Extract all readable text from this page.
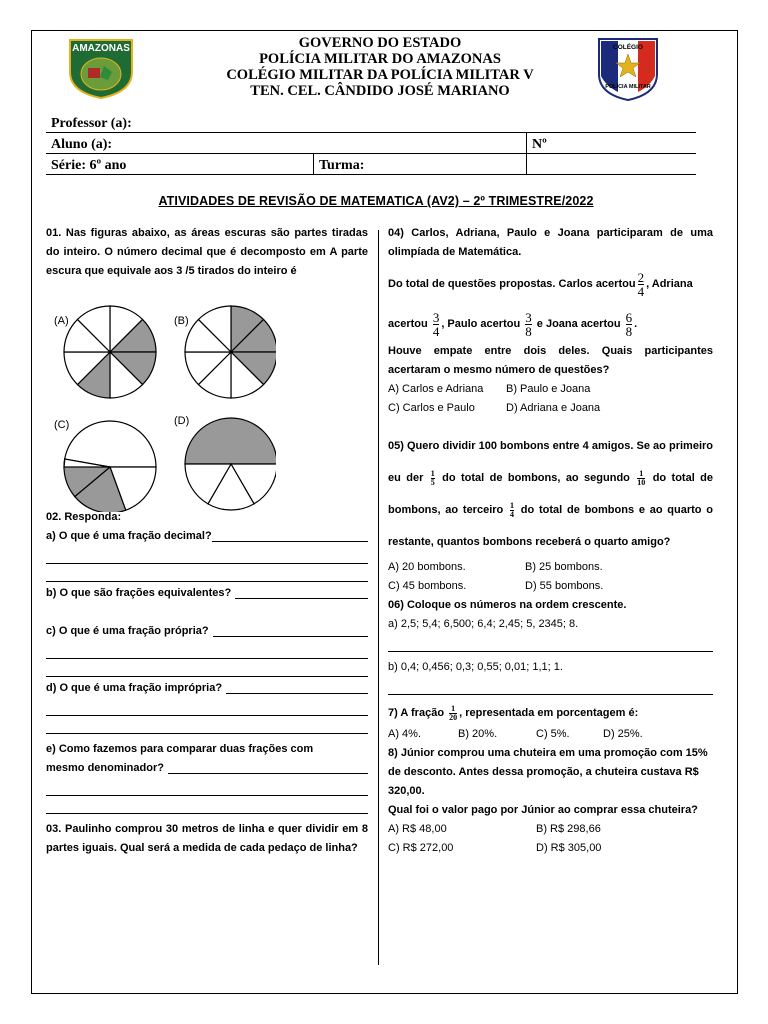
AMAZONAS	COLÉGIO
POLÍCIA MILITAR
GOVERNO DO ESTADO
POLÍCIA MILITAR DO AMAZONAS
COLÉGIO MILITAR DA POLÍCIA MILITAR V
TEN. CEL. CÂNDIDO JOSÉ MARIANO
Professor (a):		
Aluno (a):		Nº
Série: 6º ano	Turma:	
ATIVIDADES DE REVISÃO DE MATEMATICA (AV2) – 2º TRIMESTRE/2022
01. Nas figuras abaixo, as áreas escuras são partes tiradas do inteiro. O número decimal que é decomposto em A parte escura que equivale aos 3 /5 tirados do inteiro é
(A)	(B)
(C)	(D)
02. Responda:
a) O que é uma fração decimal?
b) O que são frações equivalentes?
c) O que é uma fração própria?
d) O que é uma fração imprópria?
e) Como fazemos para comparar duas frações com
mesmo denominador?
03. Paulinho comprou 30 metros de linha e quer dividir em 8 partes iguais. Qual será a medida de cada pedaço de linha?
04) Carlos, Adriana, Paulo e Joana participaram de uma olimpíada de Matemática.
Do total de questões propostas. Carlos acertou $\frac{2}{4}$ , Adriana
acertou $\frac{3}{4}$ , Paulo acertou $\frac{3}{8}$ e Joana acertou $\frac{6}{8}$ .
Houve empate entre dois deles. Quais participantes acertaram o mesmo número de questões?
A) Carlos e Adriana	B) Paulo e Joana
C) Carlos e Paulo	D) Adriana e Joana
05) Quero dividir 100 bombons entre 4 amigos. Se ao primeiro eu der $\frac{1}{5}$ do total de bombons, ao segundo $\frac{1}{10}$ do total de bombons, ao terceiro $\frac{1}{4}$ do total de bombons e ao quarto o restante, quantos bombons receberá o quarto amigo?
A) 20 bombons.	B) 25 bombons.
C) 45 bombons.	D) 55 bombons.
06) Coloque os números na ordem crescente.
a) 2,5; 5,4; 6,500; 6,4; 2,45; 5, 2345; 8.
b) 0,4; 0,456; 0,3; 0,55; 0,01; 1,1; 1.
7) A fração $\frac{1}{20}$ , representada em porcentagem é:
A) 4%.	B) 20%.	C) 5%.	D) 25%.
8) Júnior comprou uma chuteira em uma promoção com 15% de desconto. Antes dessa promoção, a chuteira custava R$ 320,00.
Qual foi o valor pago por Júnior ao comprar essa chuteira?
A) R$ 48,00	B) R$ 298,66
C) R$ 272,00	D) R$ 305,00
